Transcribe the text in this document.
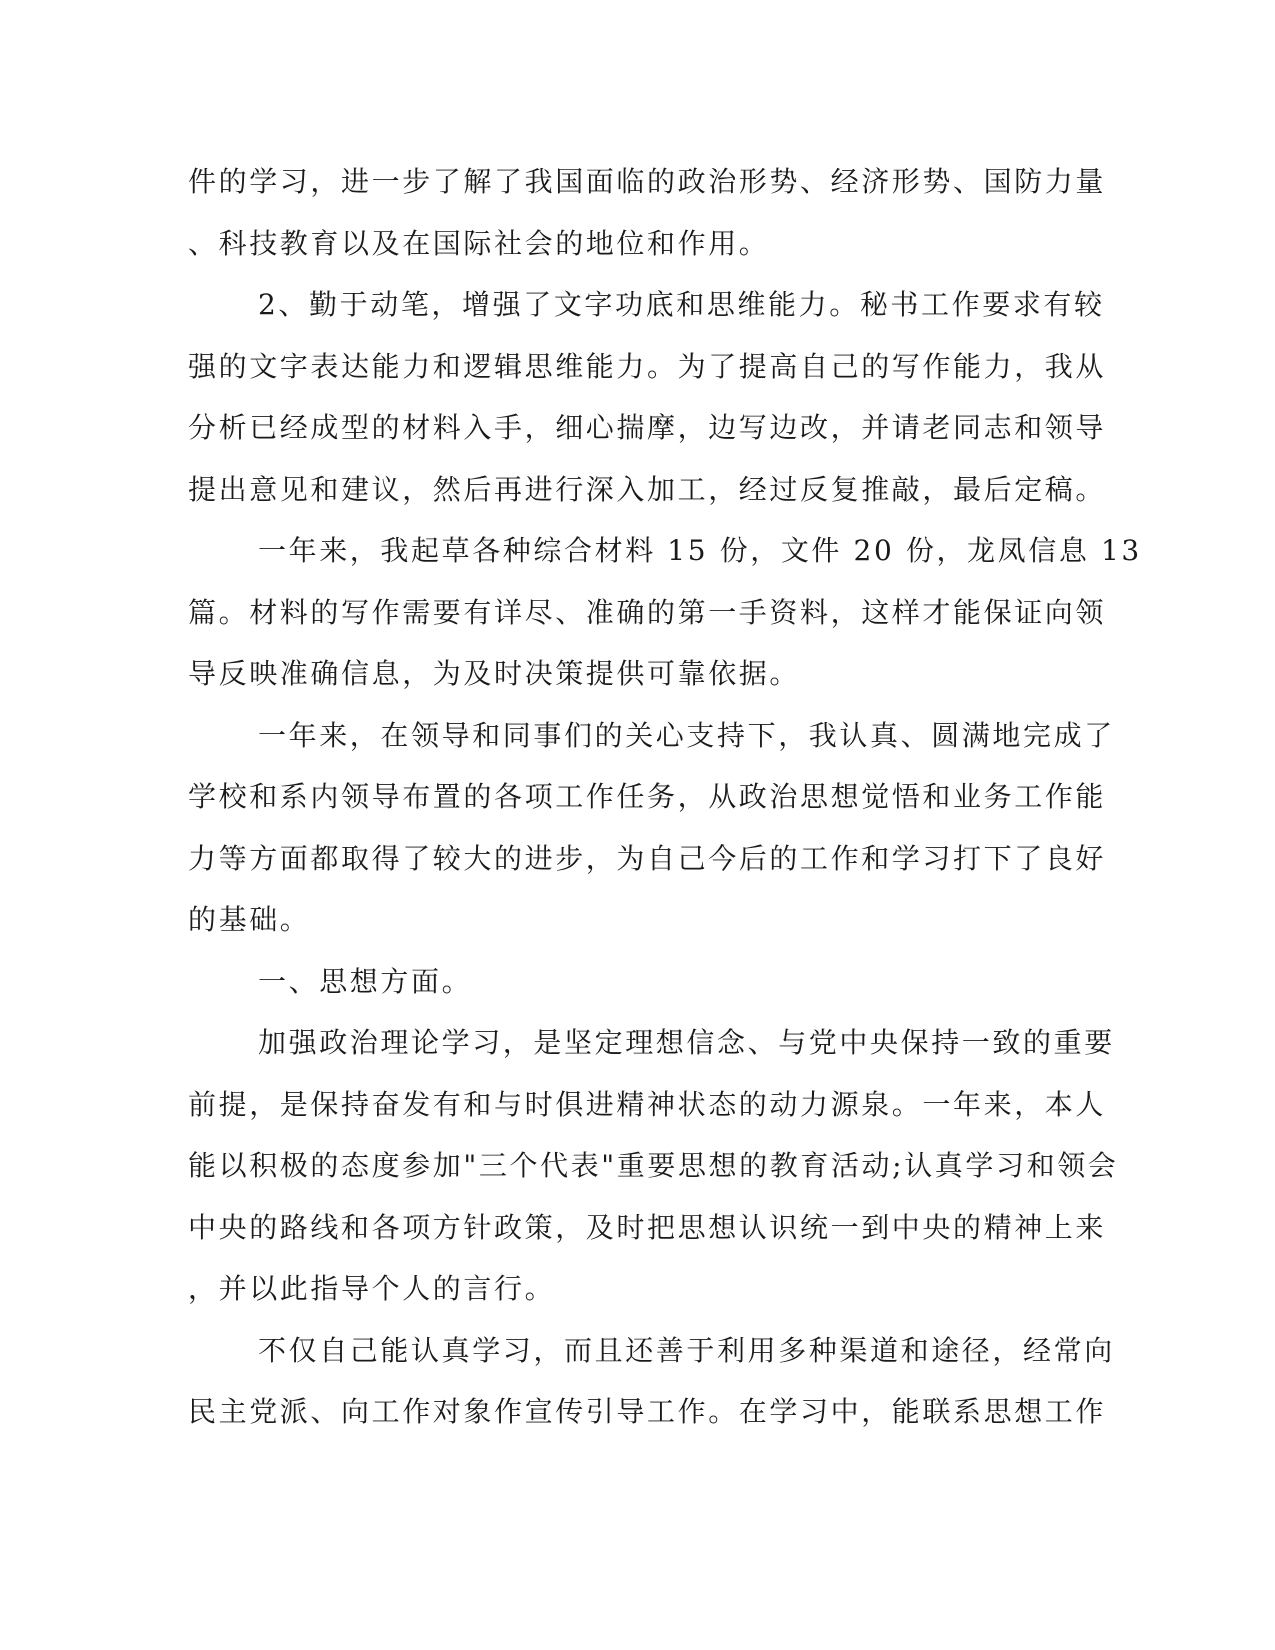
件的学习，进一步了解了我国面临的政治形势、经济形势、国防力量
、科技教育以及在国际社会的地位和作用。
2、勤于动笔，增强了文字功底和思维能力。秘书工作要求有较
强的文字表达能力和逻辑思维能力。为了提高自己的写作能力，我从
分析已经成型的材料入手，细心揣摩，边写边改，并请老同志和领导
提出意见和建议，然后再进行深入加工，经过反复推敲，最后定稿。
一年来，我起草各种综合材料 15 份，文件 20 份，龙凤信息 13
篇。材料的写作需要有详尽、准确的第一手资料，这样才能保证向领
导反映准确信息，为及时决策提供可靠依据。
一年来，在领导和同事们的关心支持下，我认真、圆满地完成了
学校和系内领导布置的各项工作任务，从政治思想觉悟和业务工作能
力等方面都取得了较大的进步，为自己今后的工作和学习打下了良好
的基础。
一、思想方面。
加强政治理论学习，是坚定理想信念、与党中央保持一致的重要
前提，是保持奋发有和与时俱进精神状态的动力源泉。一年来，本人
能以积极的态度参加"三个代表"重要思想的教育活动;认真学习和领会
中央的路线和各项方针政策，及时把思想认识统一到中央的精神上来
，并以此指导个人的言行。
不仅自己能认真学习，而且还善于利用多种渠道和途径，经常向
民主党派、向工作对象作宣传引导工作。在学习中，能联系思想工作
